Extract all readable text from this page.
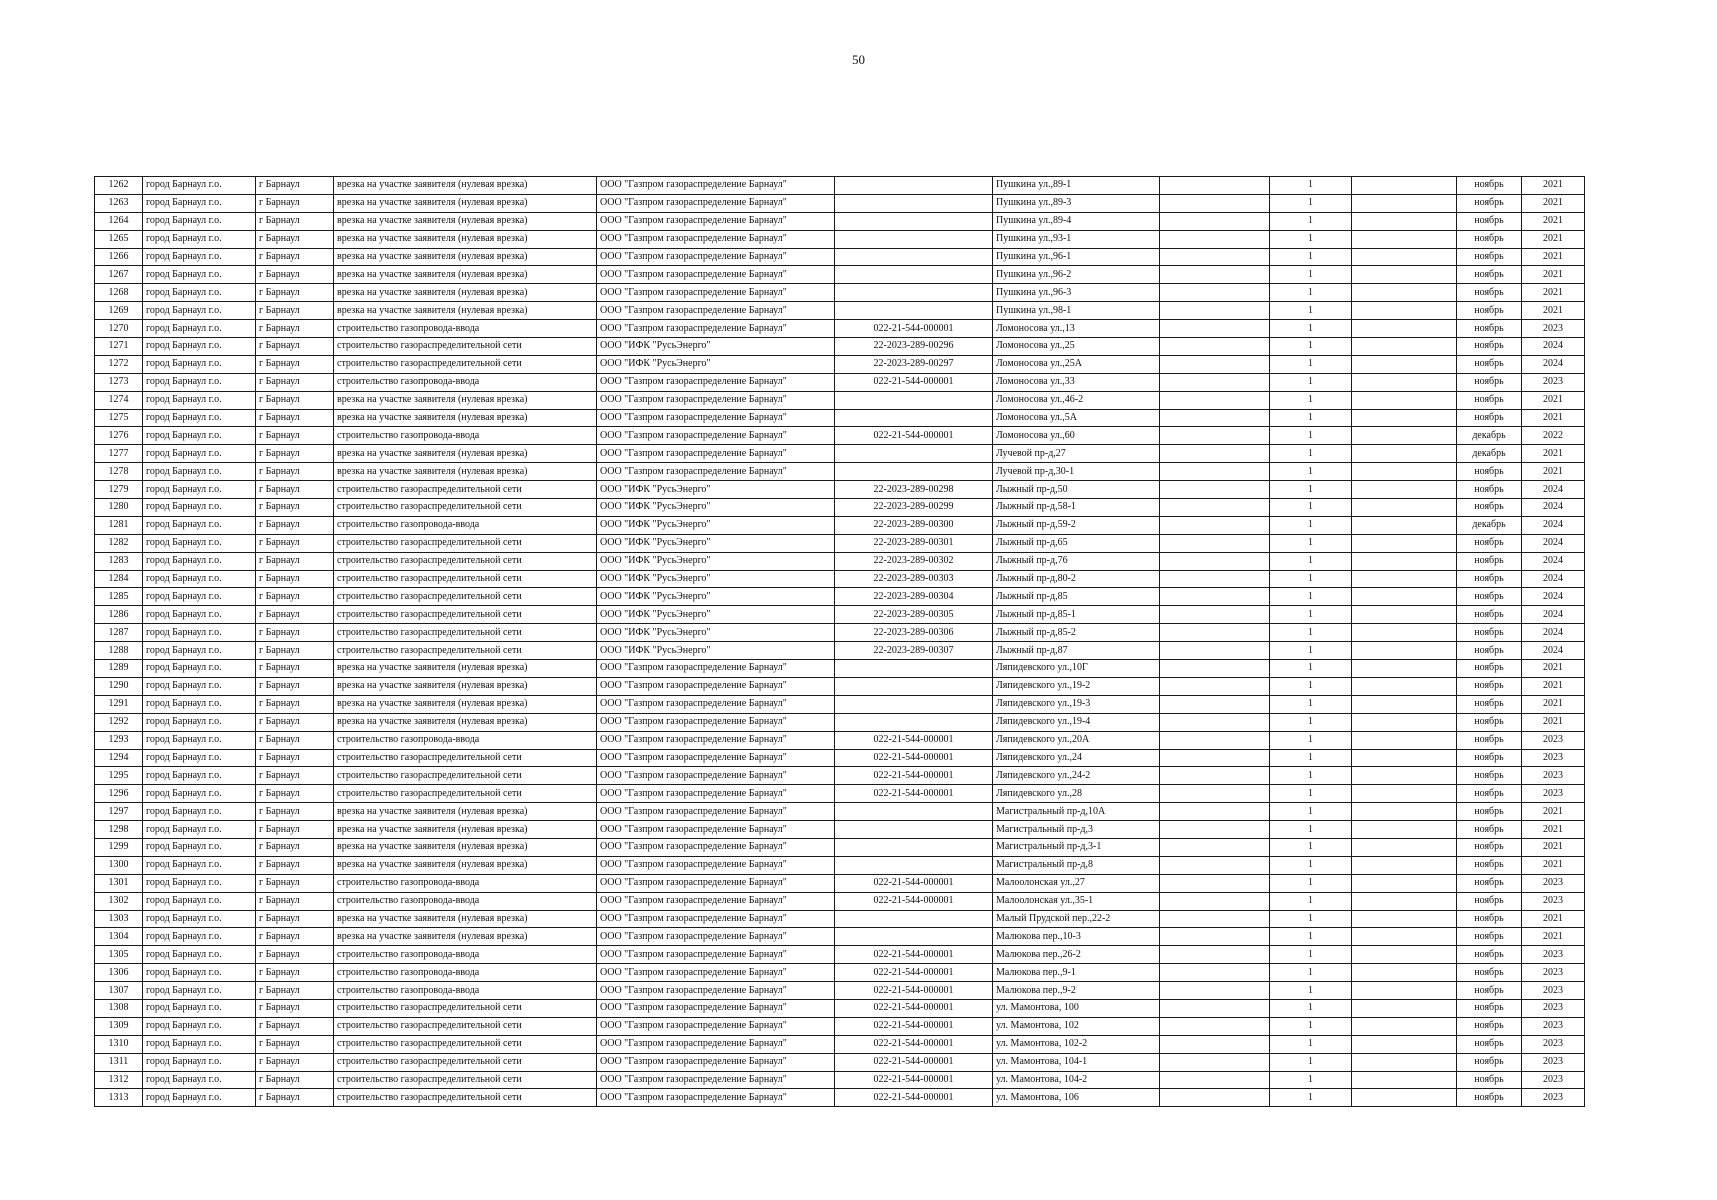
50
1262	город Барнаул г.о.	г Барнаул	врезка на участке заявителя (нулевая врезка)	ООО "Газпром газораспределение Барнаул"		Пушкина ул.,89-1		1		ноябрь	2021
1263	город Барнаул г.о.	г Барнаул	врезка на участке заявителя (нулевая врезка)	ООО "Газпром газораспределение Барнаул"		Пушкина ул.,89-3		1		ноябрь	2021
1264	город Барнаул г.о.	г Барнаул	врезка на участке заявителя (нулевая врезка)	ООО "Газпром газораспределение Барнаул"		Пушкина ул.,89-4		1		ноябрь	2021
1265	город Барнаул г.о.	г Барнаул	врезка на участке заявителя (нулевая врезка)	ООО "Газпром газораспределение Барнаул"		Пушкина ул.,93-1		1		ноябрь	2021
1266	город Барнаул г.о.	г Барнаул	врезка на участке заявителя (нулевая врезка)	ООО "Газпром газораспределение Барнаул"		Пушкина ул.,96-1		1		ноябрь	2021
1267	город Барнаул г.о.	г Барнаул	врезка на участке заявителя (нулевая врезка)	ООО "Газпром газораспределение Барнаул"		Пушкина ул.,96-2		1		ноябрь	2021
1268	город Барнаул г.о.	г Барнаул	врезка на участке заявителя (нулевая врезка)	ООО "Газпром газораспределение Барнаул"		Пушкина ул.,96-3		1		ноябрь	2021
1269	город Барнаул г.о.	г Барнаул	врезка на участке заявителя (нулевая врезка)	ООО "Газпром газораспределение Барнаул"		Пушкина ул.,98-1		1		ноябрь	2021
1270	город Барнаул г.о.	г Барнаул	строительство газопровода-ввода	ООО "Газпром газораспределение Барнаул"	022-21-544-000001	Ломоносова ул.,13		1		ноябрь	2023
1271	город Барнаул г.о.	г Барнаул	строительство газораспределительной сети	ООО "ИФК "РусьЭнерго"	22-2023-289-00296	Ломоносова ул.,25		1		ноябрь	2024
1272	город Барнаул г.о.	г Барнаул	строительство газораспределительной сети	ООО "ИФК "РусьЭнерго"	22-2023-289-00297	Ломоносова ул.,25А		1		ноябрь	2024
1273	город Барнаул г.о.	г Барнаул	строительство газопровода-ввода	ООО "Газпром газораспределение Барнаул"	022-21-544-000001	Ломоносова ул.,33		1		ноябрь	2023
1274	город Барнаул г.о.	г Барнаул	врезка на участке заявителя (нулевая врезка)	ООО "Газпром газораспределение Барнаул"		Ломоносова ул.,46-2		1		ноябрь	2021
1275	город Барнаул г.о.	г Барнаул	врезка на участке заявителя (нулевая врезка)	ООО "Газпром газораспределение Барнаул"		Ломоносова ул.,5А		1		ноябрь	2021
1276	город Барнаул г.о.	г Барнаул	строительство газопровода-ввода	ООО "Газпром газораспределение Барнаул"	022-21-544-000001	Ломоносова ул.,60		1		декабрь	2022
1277	город Барнаул г.о.	г Барнаул	врезка на участке заявителя (нулевая врезка)	ООО "Газпром газораспределение Барнаул"		Лучевой пр-д,27		1		декабрь	2021
1278	город Барнаул г.о.	г Барнаул	врезка на участке заявителя (нулевая врезка)	ООО "Газпром газораспределение Барнаул"		Лучевой пр-д,30-1		1		ноябрь	2021
1279	город Барнаул г.о.	г Барнаул	строительство газораспределительной сети	ООО "ИФК "РусьЭнерго"	22-2023-289-00298	Лыжный пр-д,50		1		ноябрь	2024
1280	город Барнаул г.о.	г Барнаул	строительство газораспределительной сети	ООО "ИФК "РусьЭнерго"	22-2023-289-00299	Лыжный пр-д,58-1		1		ноябрь	2024
1281	город Барнаул г.о.	г Барнаул	строительство газопровода-ввода	ООО "ИФК "РусьЭнерго"	22-2023-289-00300	Лыжный пр-д,59-2		1		декабрь	2024
1282	город Барнаул г.о.	г Барнаул	строительство газораспределительной сети	ООО "ИФК "РусьЭнерго"	22-2023-289-00301	Лыжный пр-д,65		1		ноябрь	2024
1283	город Барнаул г.о.	г Барнаул	строительство газораспределительной сети	ООО "ИФК "РусьЭнерго"	22-2023-289-00302	Лыжный пр-д,76		1		ноябрь	2024
1284	город Барнаул г.о.	г Барнаул	строительство газораспределительной сети	ООО "ИФК "РусьЭнерго"	22-2023-289-00303	Лыжный пр-д,80-2		1		ноябрь	2024
1285	город Барнаул г.о.	г Барнаул	строительство газораспределительной сети	ООО "ИФК "РусьЭнерго"	22-2023-289-00304	Лыжный пр-д,85		1		ноябрь	2024
1286	город Барнаул г.о.	г Барнаул	строительство газораспределительной сети	ООО "ИФК "РусьЭнерго"	22-2023-289-00305	Лыжный пр-д,85-1		1		ноябрь	2024
1287	город Барнаул г.о.	г Барнаул	строительство газораспределительной сети	ООО "ИФК "РусьЭнерго"	22-2023-289-00306	Лыжный пр-д,85-2		1		ноябрь	2024
1288	город Барнаул г.о.	г Барнаул	строительство газораспределительной сети	ООО "ИФК "РусьЭнерго"	22-2023-289-00307	Лыжный пр-д,87		1		ноябрь	2024
1289	город Барнаул г.о.	г Барнаул	врезка на участке заявителя (нулевая врезка)	ООО "Газпром газораспределение Барнаул"		Ляпидевского ул.,10Г		1		ноябрь	2021
1290	город Барнаул г.о.	г Барнаул	врезка на участке заявителя (нулевая врезка)	ООО "Газпром газораспределение Барнаул"		Ляпидевского ул.,19-2		1		ноябрь	2021
1291	город Барнаул г.о.	г Барнаул	врезка на участке заявителя (нулевая врезка)	ООО "Газпром газораспределение Барнаул"		Ляпидевского ул.,19-3		1		ноябрь	2021
1292	город Барнаул г.о.	г Барнаул	врезка на участке заявителя (нулевая врезка)	ООО "Газпром газораспределение Барнаул"		Ляпидевского ул.,19-4		1		ноябрь	2021
1293	город Барнаул г.о.	г Барнаул	строительство газопровода-ввода	ООО "Газпром газораспределение Барнаул"	022-21-544-000001	Ляпидевского ул.,20А		1		ноябрь	2023
1294	город Барнаул г.о.	г Барнаул	строительство газораспределительной сети	ООО "Газпром газораспределение Барнаул"	022-21-544-000001	Ляпидевского ул.,24		1		ноябрь	2023
1295	город Барнаул г.о.	г Барнаул	строительство газораспределительной сети	ООО "Газпром газораспределение Барнаул"	022-21-544-000001	Ляпидевского ул.,24-2		1		ноябрь	2023
1296	город Барнаул г.о.	г Барнаул	строительство газораспределительной сети	ООО "Газпром газораспределение Барнаул"	022-21-544-000001	Ляпидевского ул.,28		1		ноябрь	2023
1297	город Барнаул г.о.	г Барнаул	врезка на участке заявителя (нулевая врезка)	ООО "Газпром газораспределение Барнаул"		Магистральный пр-д,10А		1		ноябрь	2021
1298	город Барнаул г.о.	г Барнаул	врезка на участке заявителя (нулевая врезка)	ООО "Газпром газораспределение Барнаул"		Магистральный пр-д,3		1		ноябрь	2021
1299	город Барнаул г.о.	г Барнаул	врезка на участке заявителя (нулевая врезка)	ООО "Газпром газораспределение Барнаул"		Магистральный пр-д,3-1		1		ноябрь	2021
1300	город Барнаул г.о.	г Барнаул	врезка на участке заявителя (нулевая врезка)	ООО "Газпром газораспределение Барнаул"		Магистральный пр-д,8		1		ноябрь	2021
1301	город Барнаул г.о.	г Барнаул	строительство газопровода-ввода	ООО "Газпром газораспределение Барнаул"	022-21-544-000001	Малоолонская ул.,27		1		ноябрь	2023
1302	город Барнаул г.о.	г Барнаул	строительство газопровода-ввода	ООО "Газпром газораспределение Барнаул"	022-21-544-000001	Малоолонская ул.,35-1		1		ноябрь	2023
1303	город Барнаул г.о.	г Барнаул	врезка на участке заявителя (нулевая врезка)	ООО "Газпром газораспределение Барнаул"		Малый Прудской пер.,22-2		1		ноябрь	2021
1304	город Барнаул г.о.	г Барнаул	врезка на участке заявителя (нулевая врезка)	ООО "Газпром газораспределение Барнаул"		Малюкова пер.,10-3		1		ноябрь	2021
1305	город Барнаул г.о.	г Барнаул	строительство газопровода-ввода	ООО "Газпром газораспределение Барнаул"	022-21-544-000001	Малюкова пер.,26-2		1		ноябрь	2023
1306	город Барнаул г.о.	г Барнаул	строительство газопровода-ввода	ООО "Газпром газораспределение Барнаул"	022-21-544-000001	Малюкова пер.,9-1		1		ноябрь	2023
1307	город Барнаул г.о.	г Барнаул	строительство газопровода-ввода	ООО "Газпром газораспределение Барнаул"	022-21-544-000001	Малюкова пер.,9-2		1		ноябрь	2023
1308	город Барнаул г.о.	г Барнаул	строительство газораспределительной сети	ООО "Газпром газораспределение Барнаул"	022-21-544-000001	ул. Мамонтова, 100		1		ноябрь	2023
1309	город Барнаул г.о.	г Барнаул	строительство газораспределительной сети	ООО "Газпром газораспределение Барнаул"	022-21-544-000001	ул. Мамонтова, 102		1		ноябрь	2023
1310	город Барнаул г.о.	г Барнаул	строительство газораспределительной сети	ООО "Газпром газораспределение Барнаул"	022-21-544-000001	ул. Мамонтова, 102-2		1		ноябрь	2023
1311	город Барнаул г.о.	г Барнаул	строительство газораспределительной сети	ООО "Газпром газораспределение Барнаул"	022-21-544-000001	ул. Мамонтова, 104-1		1		ноябрь	2023
1312	город Барнаул г.о.	г Барнаул	строительство газораспределительной сети	ООО "Газпром газораспределение Барнаул"	022-21-544-000001	ул. Мамонтова, 104-2		1		ноябрь	2023
1313	город Барнаул г.о.	г Барнаул	строительство газораспределительной сети	ООО "Газпром газораспределение Барнаул"	022-21-544-000001	ул. Мамонтова, 106		1		ноябрь	2023
